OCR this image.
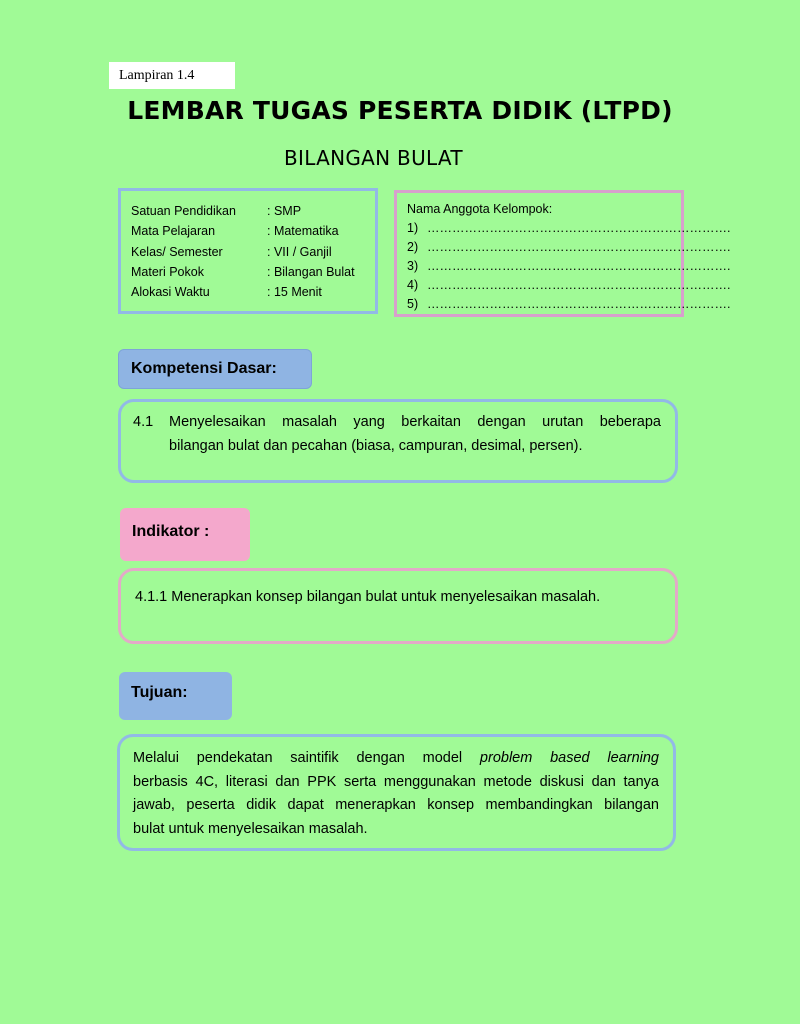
Lampiran 1.4
LEMBAR TUGAS PESERTA DIDIK (LTPD)
BILANGAN BULAT
Satuan Pendidikan	: SMP
Mata Pelajaran	: Matematika
Kelas/ Semester	: VII / Ganjil
Materi Pokok	: Bilangan Bulat
Alokasi Waktu	: 15 Menit
Nama Anggota Kelompok:
1) ……………………………………………………………….
2) ……………………………………………………………….
3) ……………………………………………………………….
4) ……………………………………………………………….
5) ……………………………………………………………….
Kompetensi Dasar:
4.1	Menyelesaikan masalah yang berkaitan dengan urutan beberapa
bilangan bulat dan pecahan (biasa, campuran, desimal, persen).
Indikator :
4.1.1 Menerapkan konsep bilangan bulat untuk menyelesaikan masalah.
Tujuan:
Melalui pendekatan saintifik dengan model problem based learning
berbasis 4C, literasi dan PPK serta menggunakan metode diskusi dan tanya
jawab, peserta didik dapat menerapkan konsep membandingkan bilangan
bulat untuk menyelesaikan masalah.
